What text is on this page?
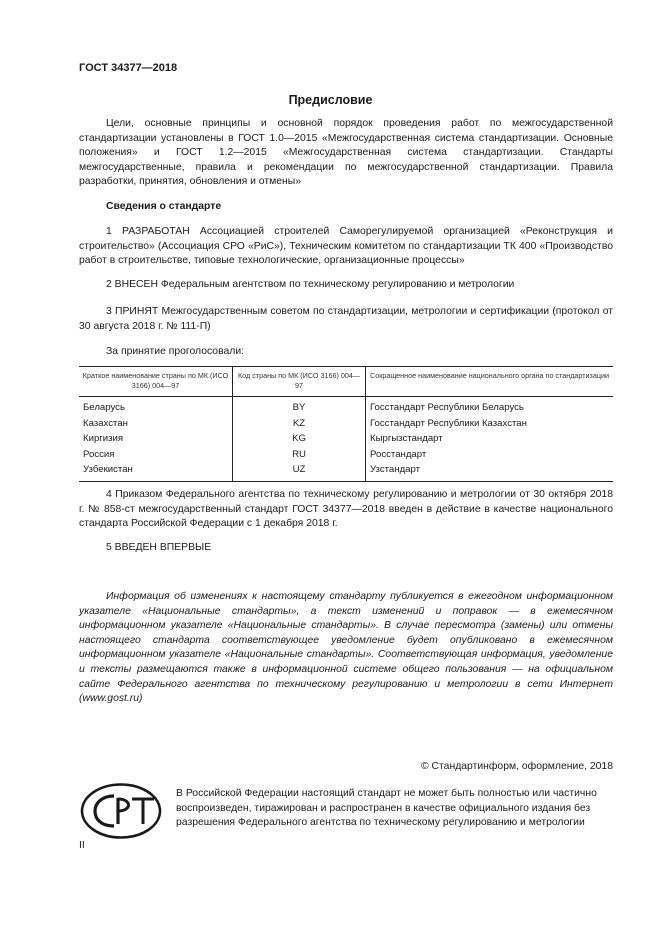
ГОСТ 34377—2018
Предисловие
Цели, основные принципы и основной порядок проведения работ по межгосударственной стандартизации установлены в ГОСТ 1.0—2015 «Межгосударственная система стандартизации. Основные положения» и ГОСТ 1.2—2015 «Межгосударственная система стандартизации. Стандарты межгосударственные, правила и рекомендации по межгосударственной стандартизации. Правила разработки, принятия, обновления и отмены»
Сведения о стандарте
1 РАЗРАБОТАН Ассоциацией строителей Саморегулируемой организацией «Реконструкция и строительство» (Ассоциация СРО «РиС»), Техническим комитетом по стандартизации ТК 400 «Производство работ в строительстве, типовые технологические, организационные процессы»
2 ВНЕСЕН Федеральным агентством по техническому регулированию и метрологии
3 ПРИНЯТ Межгосударственным советом по стандартизации, метрологии и сертификации (протокол от 30 августа 2018 г. № 111-П)
За принятие проголосовали:
Краткое наименование страны по МК (ИСО 3166) 004—97	Код страны по МК (ИСО 3166) 004—97	Сокращенное наименование национального органа по стандартизации
Беларусь	BY	Госстандарт Республики Беларусь
Казахстан	KZ	Госстандарт Республики Казахстан
Киргизия	KG	Кыргызстандарт
Россия	RU	Росстандарт
Узбекистан	UZ	Узстандарт
4 Приказом Федерального агентства по техническому регулированию и метрологии от 30 октября 2018 г. № 858-ст межгосударственный стандарт ГОСТ 34377—2018 введен в действие в качестве национального стандарта Российской Федерации с 1 декабря 2018 г.
5 ВВЕДЕН ВПЕРВЫЕ
Информация об изменениях к настоящему стандарту публикуется в ежегодном информационном указателе «Национальные стандарты», а текст изменений и поправок — в ежемесячном информационном указателе «Национальные стандарты». В случае пересмотра (замены) или отмены настоящего стандарта соответствующее уведомление будет опубликовано в ежемесячном информационном указателе «Национальные стандарты». Соответствующая информация, уведомление и тексты размещаются также в информационной системе общего пользования — на официальном сайте Федерального агентства по техническому регулированию и метрологии в сети Интернет (www.gost.ru)
© Стандартинформ, оформление, 2018
В Российской Федерации настоящий стандарт не может быть полностью или частично воспроизведен, тиражирован и распространен в качестве официального издания без разрешения Федерального агентства по техническому регулированию и метрологии
II
